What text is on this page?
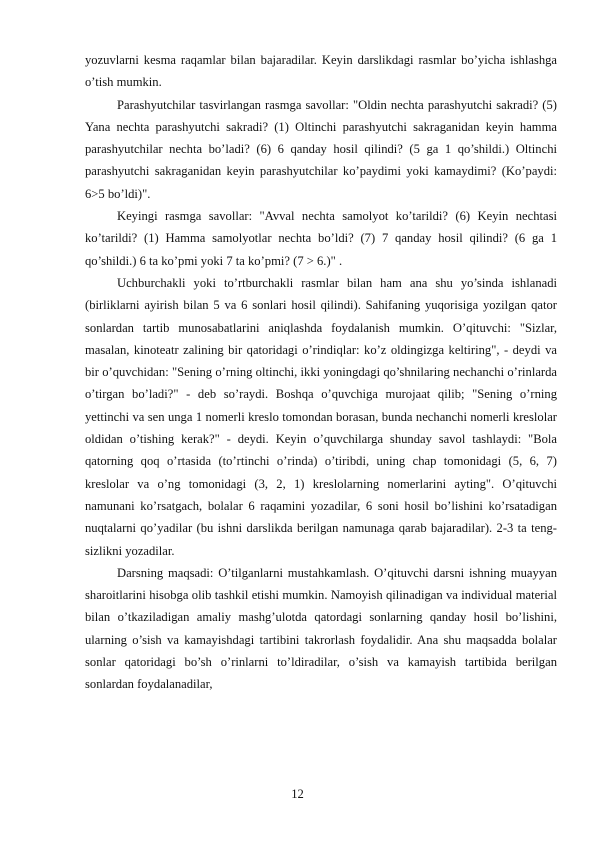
yozuvlarni kesma raqamlar bilan bajaradilar. Keyin darslikdagi rasmlar bo’yicha ishlashga o’tish mumkin.

Parashyutchilar tasvirlangan rasmga savollar: "Oldin nechta parashyutchi sakradi? (5) Yana nechta parashyutchi sakradi? (1) Oltinchi parashyutchi sakraganidan keyin hamma parashyutchilar nechta bo’ladi? (6) 6 qanday hosil qilindi? (5 ga 1 qo’shildi.) Oltinchi parashyutchi sakraganidan keyin parashyutchilar ko’paydimi yoki kamaydimi? (Ko’paydi: 6>5 bo’ldi)".

Keyingi rasmga savollar: "Avval nechta samolyot ko’tarildi? (6) Keyin nechtasi ko’tarildi? (1) Hamma samolyotlar nechta bo’ldi? (7) 7 qanday hosil qilindi? (6 ga 1 qo’shildi.) 6 ta ko’pmi yoki 7 ta ko’pmi? (7 > 6.)" .

Uchburchakli yoki to’rtburchakli rasmlar bilan ham ana shu yo’sinda ishlanadi (birliklarni ayirish bilan 5 va 6 sonlari hosil qilindi). Sahifaning yuqorisiga yozilgan qator sonlardan tartib munosabatlarini aniqlashda foydalanish mumkin. O’qituvchi: "Sizlar, masalan, kinoteatr zalining bir qatoridagi o’rindiqlar: ko’z oldingizga keltiring", - deydi va bir o’quvchidan: "Sening o’rning oltinchi, ikki yoningdagi qo’shnilaring nechanchi o’rinlarda o’tirgan bo’ladi?" - deb so’raydi. Boshqa o’quvchiga murojaat qilib; "Sening o’rning yettinchi va sen unga 1 nomerli kreslo tomondan borasan, bunda nechanchi nomerli kreslolar oldidan o’tishing kerak?" - deydi. Keyin o’quvchilarga shunday savol tashlaydi: "Bola qatorning qoq o’rtasida (to’rtinchi o’rinda) o’tiribdi, uning chap tomonidagi (5, 6, 7) kreslolar va o’ng tomonidagi (3, 2, 1) kreslolarning nomerlarini ayting". O’qituvchi namunani ko’rsatgach, bolalar 6 raqamini yozadilar, 6 soni hosil bo’lishini ko’rsatadigan nuqtalarni qo’yadilar (bu ishni darslikda berilgan namunaga qarab bajaradilar). 2-3 ta teng-sizlikni yozadilar.

Darsning maqsadi: O’tilganlarni mustahkamlash. O’qituvchi darsni ishning muayyan sharoitlarini hisobga olib tashkil etishi mumkin. Namoyish qilinadigan va individual material bilan o’tkaziladigan amaliy mashg’ulotda qatordagi sonlarning qanday hosil bo’lishini, ularning o’sish va kamayishdagi tartibini takrorlash foydalidir. Ana shu maqsadda bolalar sonlar qatoridagi bo’sh o’rinlarni to’ldiradilar, o’sish va kamayish tartibida berilgan sonlardan foydalanadilar,

12
